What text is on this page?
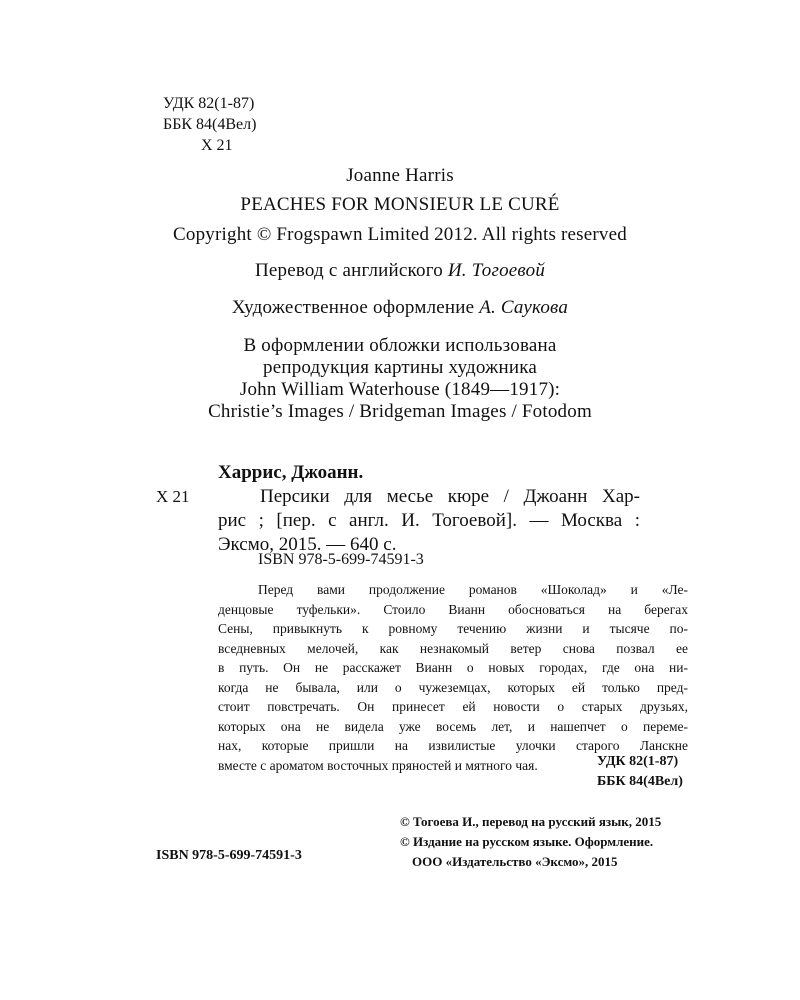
УДК 82(1-87)
ББК 84(4Вел)
Х 21
Joanne Harris
PEACHES FOR MONSIEUR LE CURÉ
Copyright © Frogspawn Limited 2012. All rights reserved
Перевод с английского И. Тогоевой
Художественное оформление А. Саукова
В оформлении обложки использована
репродукция картины художника
John William Waterhouse (1849—1917):
Christie’s Images / Bridgeman Images / Fotodom
Харрис, Джоанн.
Х 21	Персики для месье кюре / Джоанн Хар-
рис ; [пер. с англ. И. Тогоевой]. — Москва :
Эксмо, 2015. — 640 с.
ISBN 978-5-699-74591-3
Перед вами продолжение романов «Шоколад» и «Ле-
денцовые туфельки». Стоило Вианн обосноваться на берегах
Сены, привыкнуть к ровному течению жизни и тысяче по-
вседневных мелочей, как незнакомый ветер снова позвал ее
в путь. Он не расскажет Вианн о новых городах, где она ни-
когда не бывала, или о чужеземцах, которых ей только пред-
стоит повстречать. Он принесет ей новости о старых друзьях,
которых она не видела уже восемь лет, и нашепчет о переме-
нах, которые пришли на извилистые улочки старого Ланскне
вместе с ароматом восточных пряностей и мятного чая.	УДК 82(1-87)
ББК 84(4Вел)
© Тогоева И., перевод на русский язык, 2015
© Издание на русском языке. Оформление.
ООО «Издательство «Эксмо», 2015
ISBN 978-5-699-74591-3
